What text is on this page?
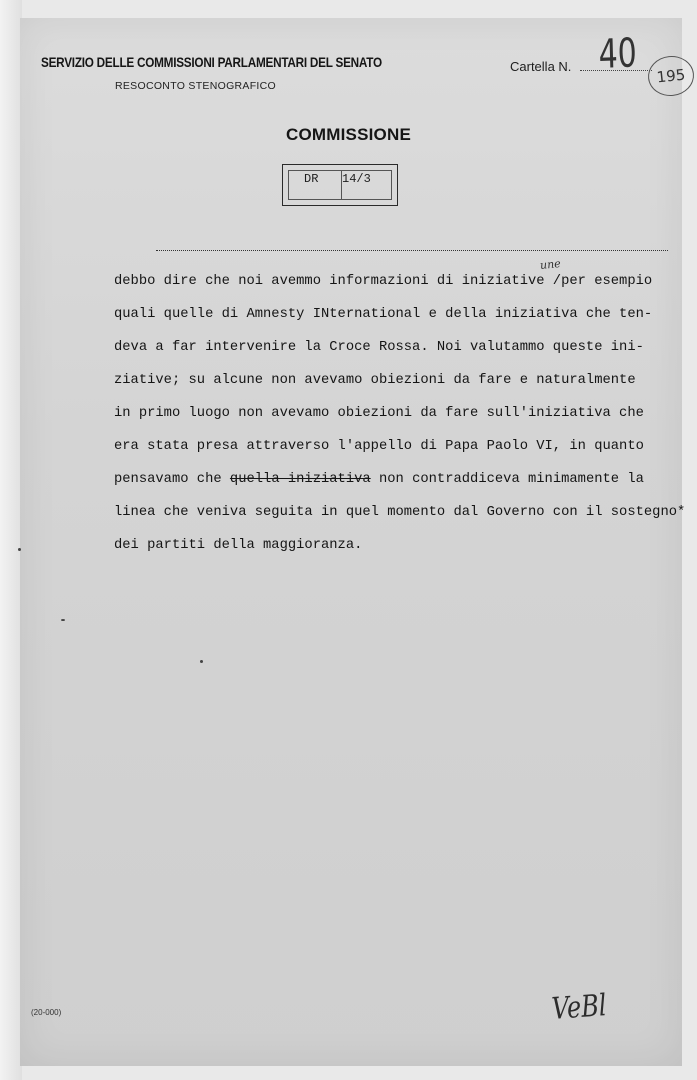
SERVIZIO DELLE COMMISSIONI PARLAMENTARI DEL SENATO
RESOCONTO STENOGRAFICO
Cartella N. 40	195
COMMISSIONE
DR 14/3
une
debbo dire che noi avemmo informazioni di iniziative /per esempio
quali quelle di Amnesty INternational e della iniziativa che ten-
deva a far intervenire la Croce Rossa. Noi valutammo queste ini-
ziative; su alcune non avevamo obiezioni da fare e naturalmente
in primo luogo non avevamo obiezioni da fare sull'iniziativa che
era stata presa attraverso l'appello di Papa Paolo VI, in quanto
pensavamo che quella iniziativa non contraddiceva minimamente la
linea che veniva seguita in quel momento dal Governo con il sostegno*
dei partiti della maggioranza.
(20-000)	VeBl
